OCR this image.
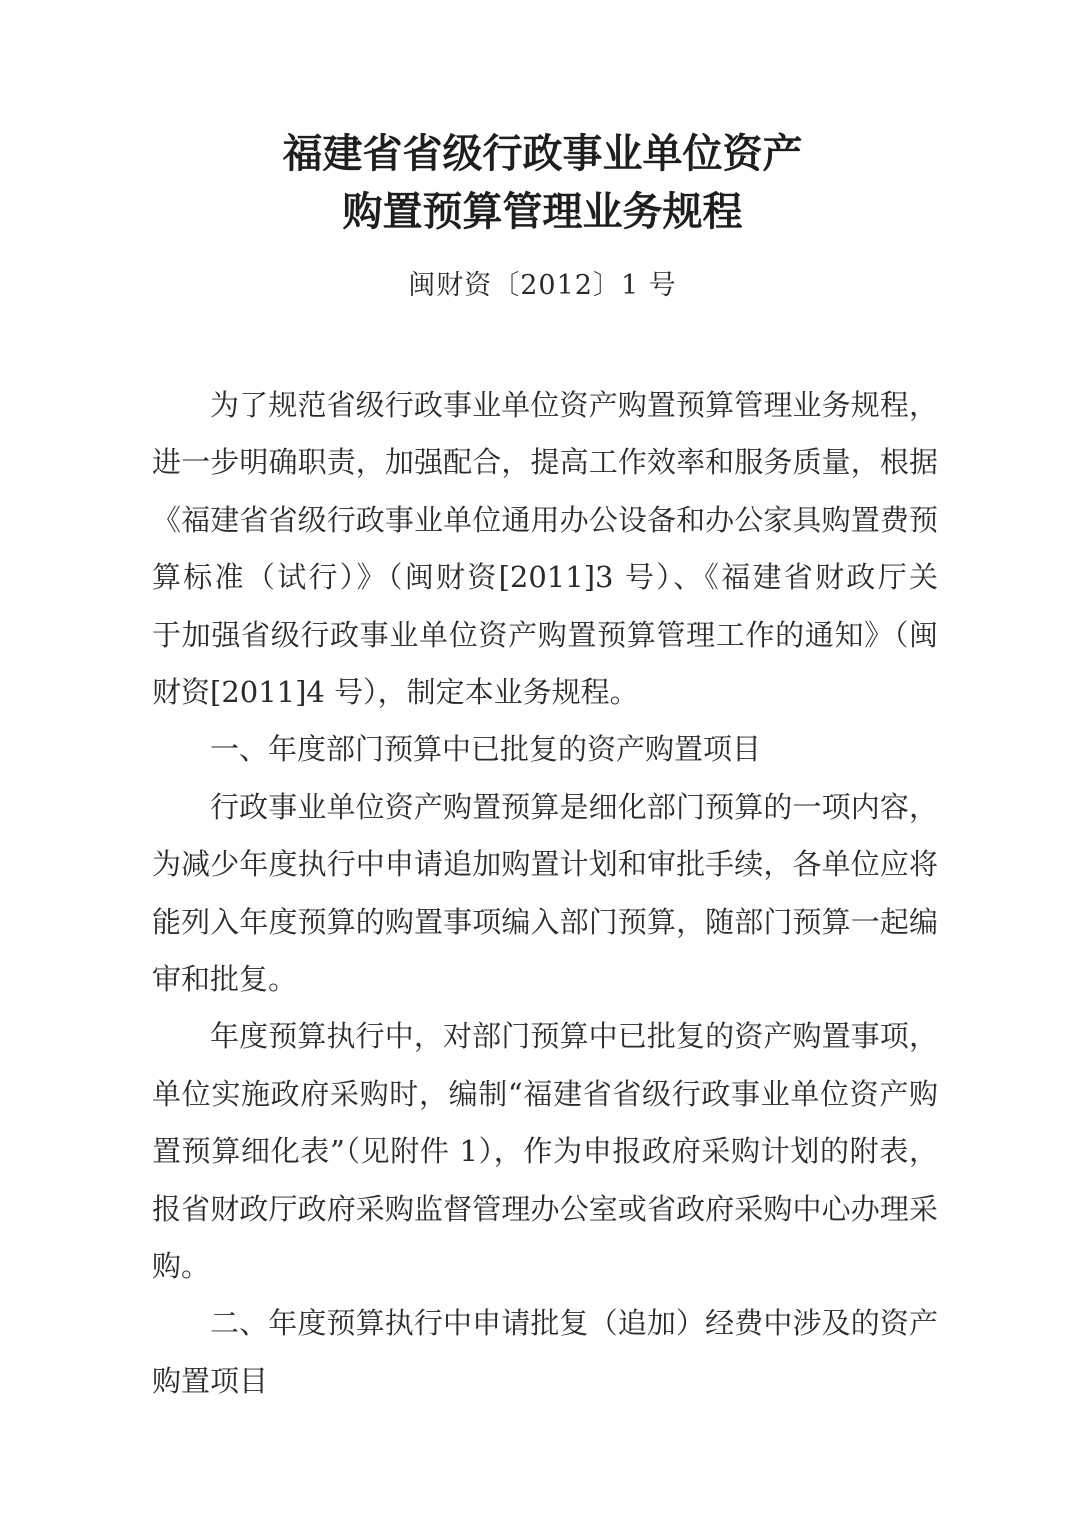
福建省省级行政事业单位资产
购置预算管理业务规程
闽财资〔2012〕1 号
为了规范省级行政事业单位资产购置预算管理业务规程，
进一步明确职责，加强配合，提高工作效率和服务质量，根据
《福建省省级行政事业单位通用办公设备和办公家具购置费预
算标准（试行）》（闽财资[2011]3 号）、《福建省财政厅关
于加强省级行政事业单位资产购置预算管理工作的通知》（闽
财资[2011]4 号），制定本业务规程。
一、年度部门预算中已批复的资产购置项目
行政事业单位资产购置预算是细化部门预算的一项内容，
为减少年度执行中申请追加购置计划和审批手续，各单位应将
能列入年度预算的购置事项编入部门预算，随部门预算一起编
审和批复。
年度预算执行中，对部门预算中已批复的资产购置事项，
单位实施政府采购时，编制“福建省省级行政事业单位资产购
置预算细化表”（见附件 1），作为申报政府采购计划的附表，
报省财政厅政府采购监督管理办公室或省政府采购中心办理采
购。
二、年度预算执行中申请批复（追加）经费中涉及的资产
购置项目
